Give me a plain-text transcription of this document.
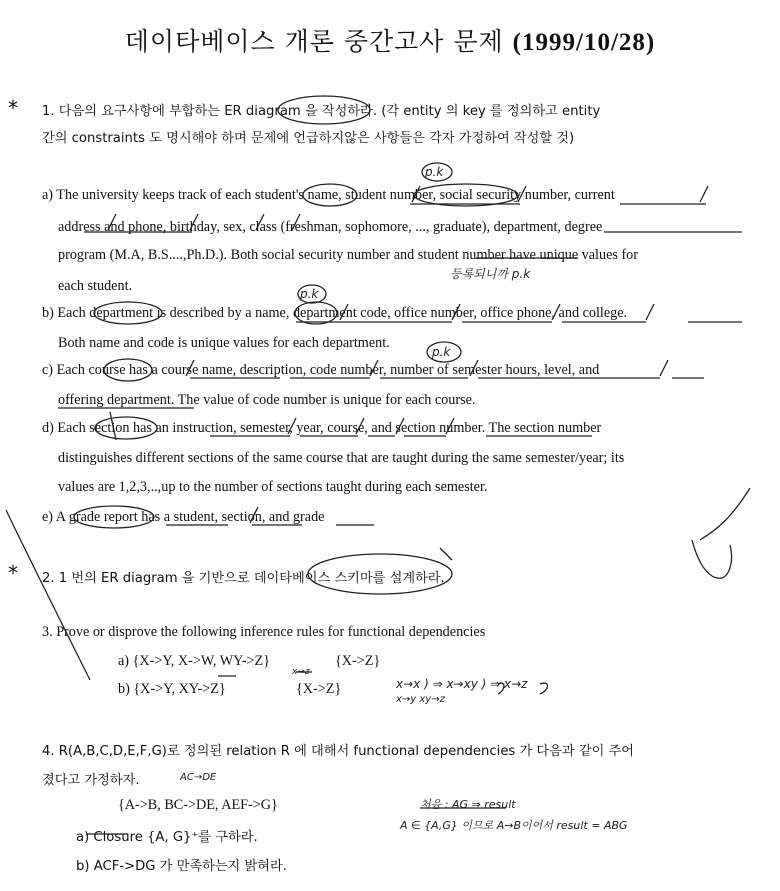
데이타베이스 개론 중간고사 문제 (1999/10/28)
* 1. 다음의 요구사항에 부합하는 ER diagram 을 작성하라. (각 entity 의 key 를 정의하고 entity
간의 constraints 도 명시해야 하며 문제에 언급하지않은 사항들은 각자 가정하여 작성할 것)
a) The university keeps track of each student's name, student number, social security number, current
address and phone, birthday, sex, class (freshman, sophomore, ..., graduate), department, degree
program (M.A, B.S....,Ph.D.). Both social security number and student number have unique values for
each student.
b) Each department is described by a name, department code, office number, office phone, and college.
Both name and code is unique values for each department.
c) Each course has a course name, description, code number, number of semester hours, level, and
offering department. The value of code number is unique for each course.
d) Each section has an instruction, semester, year, course, and section number. The section number
distinguishes different sections of the same course that are taught during the same semester/year; its
values are 1,2,3,..,up to the number of sections taught during each semester.
e) A grade report has a student, section, and grade
* 2. 1 번의 ER diagram 을 기반으로 데이타베이스 스키마를 설계하라.
3. Prove or disprove the following inference rules for functional dependencies
a) {X->Y, X->W, WY->Z}	{X->Z}
b) {X->Y, XY->Z}	{X->Z}
4. R(A,B,C,D,E,F,G)로 정의된 relation R 에 대해서 functional dependencies 가 다음과 같이 주어
졌다고 가정하자.
{A->B, BC->DE, AEF->G}
a) Closure {A, G}⁺를 구하라.
b) ACF->DG 가 만족하는지 밝혀라.
p.k
p.k
p.k
등록되니까 p.k
x→x ) ⇒ x→xy ) ⇒ x→z
x→y xy→z
x→z
AC→DE
처음 : AG ⇒ result
A ∈ {A,G} 이므로 A→B이어서 result = ABG
